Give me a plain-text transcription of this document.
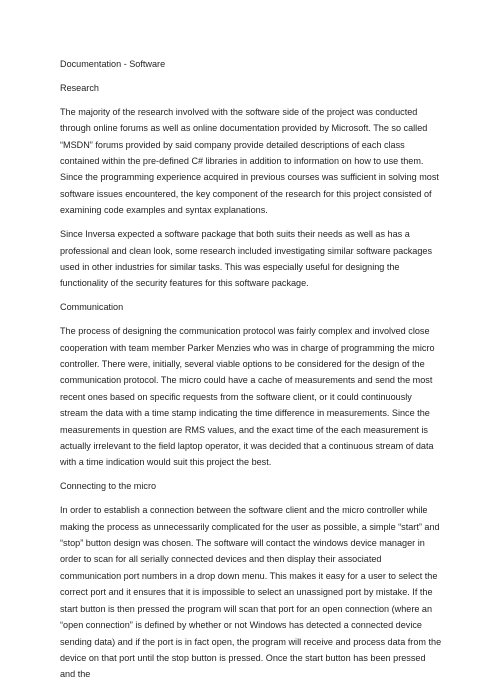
Documentation - Software

Research

The majority of the research involved with the software side of the project was conducted through online forums as well as online documentation provided by Microsoft. The so called “MSDN” forums provided by said company provide detailed descriptions of each class contained within the pre-defined C# libraries in addition to information on how to use them. Since the programming experience acquired in previous courses was sufficient in solving most software issues encountered, the key component of the research for this project consisted of examining code examples and syntax explanations.

Since Inversa expected a software package that both suits their needs as well as has a professional and clean look, some research included investigating similar software packages used in other industries for similar tasks. This was especially useful for designing the functionality of the security features for this software package.

Communication

The process of designing the communication protocol was fairly complex and involved close cooperation with team member Parker Menzies who was in charge of programming the micro controller. There were, initially, several viable options to be considered for the design of the communication protocol. The micro could have a cache of measurements and send the most recent ones based on specific requests from the software client, or it could continuously stream the data with a time stamp indicating the time difference in measurements. Since the measurements in question are RMS values, and the exact time of the each measurement is actually irrelevant to the field laptop operator, it was decided that a continuous stream of data with a time indication would suit this project the best.

Connecting to the micro

In order to establish a connection between the software client and the micro controller while making the process as unnecessarily complicated for the user as possible, a simple “start” and “stop” button design was chosen. The software will contact the windows device manager in order to scan for all serially connected devices and then display their associated communication port numbers in a drop down menu. This makes it easy for a user to select the correct port and it ensures that it is impossible to select an unassigned port by mistake. If the start button is then pressed the program will scan that port for an open connection (where an “open connection” is defined by whether or not Windows has detected a connected device sending data) and if the port is in fact open, the program will receive and process data from the device on that port until the stop button is pressed. Once the start button has been pressed and the
